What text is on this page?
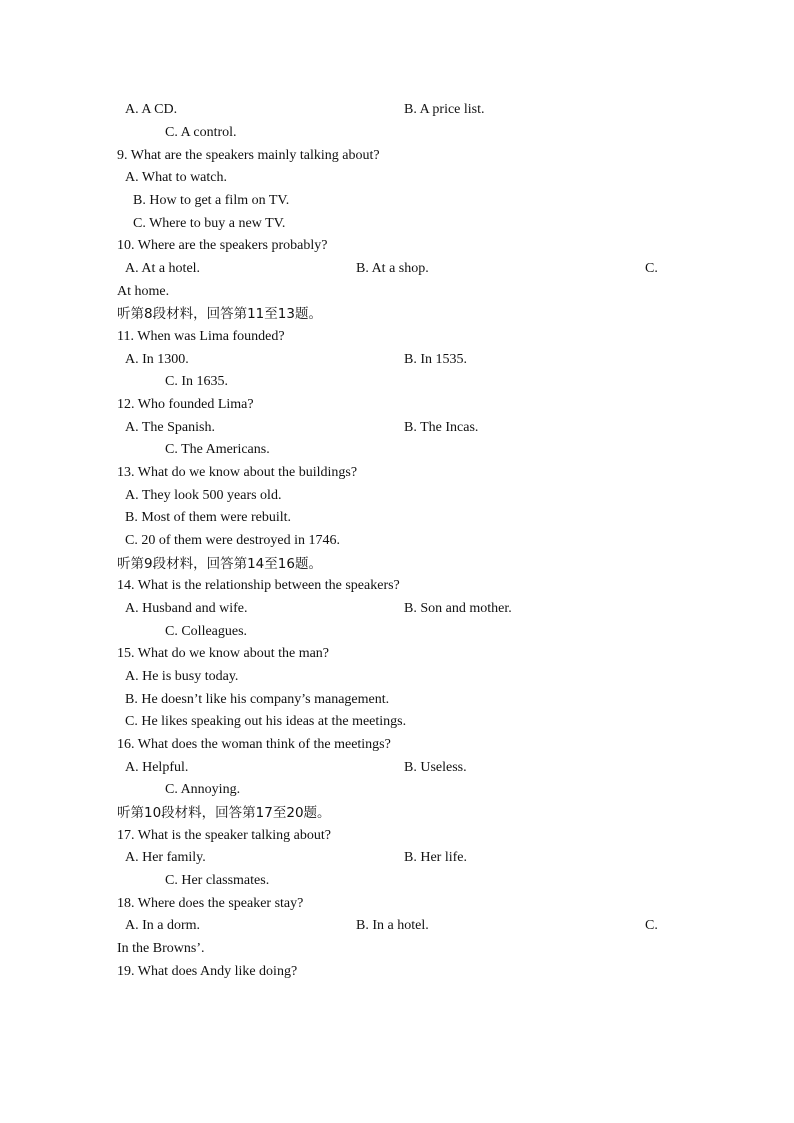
A. A CD.	B. A price list.
C. A control.
9. What are the speakers mainly talking about?
A. What to watch.
B. How to get a film on TV.
C. Where to buy a new TV.
10. Where are the speakers probably?
A. At a hotel.	B. At a shop.	C.
At home.
听第8段材料，回答第11至13题。
11. When was Lima founded?
A. In 1300.	B. In 1535.
C. In 1635.
12. Who founded Lima?
A. The Spanish.	B. The Incas.
C. The Americans.
13. What do we know about the buildings?
A. They look 500 years old.
B. Most of them were rebuilt.
C. 20 of them were destroyed in 1746.
听第9段材料，回答第14至16题。
14. What is the relationship between the speakers?
A. Husband and wife.	B. Son and mother.
C. Colleagues.
15. What do we know about the man?
A. He is busy today.
B. He doesn’t like his company’s management.
C. He likes speaking out his ideas at the meetings.
16. What does the woman think of the meetings?
A. Helpful.	B. Useless.
C. Annoying.
听第10段材料，回答第17至20题。
17. What is the speaker talking about?
A. Her family.	B. Her life.
C. Her classmates.
18. Where does the speaker stay?
A. In a dorm.	B. In a hotel.	C.
In the Browns’.
19. What does Andy like doing?
